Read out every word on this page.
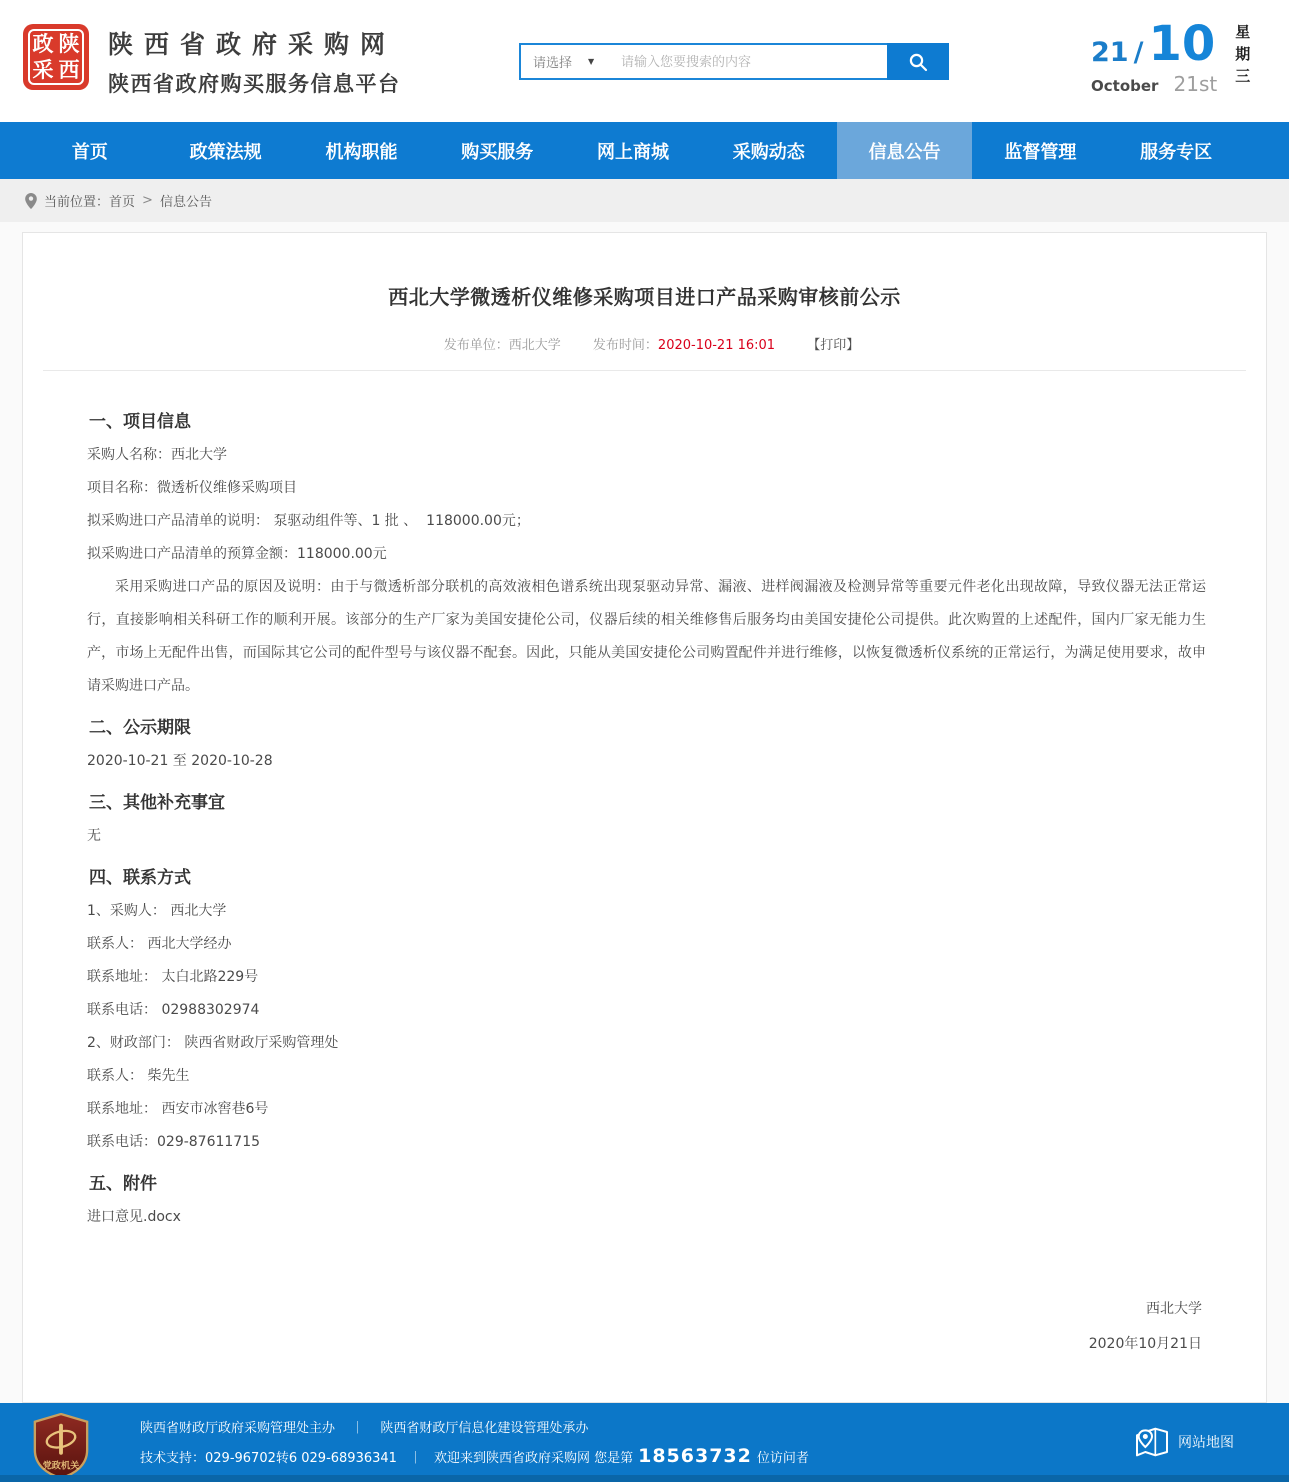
政 陕
采 西
陕西省政府采购网
陕西省政府购买服务信息平台
请选择 ▼
请输入您要搜索的内容	21 / 10
October 21st
星
期
三
首页	政策法规	机构职能	购买服务	网上商城	采购动态	信息公告	监督管理	服务专区
当前位置： 首页 > 信息公告
西北大学微透析仪维修采购项目进口产品采购审核前公示
发布单位：西北大学 发布时间：2020-10-21 16:01 【打印】
一、项目信息

采购人名称：西北大学

项目名称：微透析仪维修采购项目

拟采购进口产品清单的说明： 泵驱动组件等、1 批 、  118000.00元；

拟采购进口产品清单的预算金额：118000.00元

采用采购进口产品的原因及说明：由于与微透析部分联机的高效液相色谱系统出现泵驱动异常、漏液、进样阀漏液及检测异常等重要元件老化出现故障，导致仪器无法正常运行，直接影响相关科研工作的顺利开展。该部分的生产厂家为美国安捷伦公司，仪器后续的相关维修售后服务均由美国安捷伦公司提供。此次购置的上述配件，国内厂家无能力生产，市场上无配件出售，而国际其它公司的配件型号与该仪器不配套。因此，只能从美国安捷伦公司购置配件并进行维修，以恢复微透析仪系统的正常运行，为满足使用要求，故申请采购进口产品。

二、公示期限

2020-10-21 至 2020-10-28

三、其他补充事宜

无

四、联系方式

1、采购人： 西北大学

联系人： 西北大学经办

联系地址： 太白北路229号

联系电话： 02988302974

2、财政部门： 陕西省财政厅采购管理处

联系人： 柴先生

联系地址： 西安市冰窖巷6号

联系电话：029-87611715

五、附件

进口意见.docx

西北大学
2020年10月21日
党政机关
陕西省财政厅政府采购管理处主办 ｜ 陕西省财政厅信息化建设管理处承办
技术支持：029-96702转6 029-68936341 ｜ 欢迎来到陕西省政府采购网 您是第 18563732 位访问者
网站地图
